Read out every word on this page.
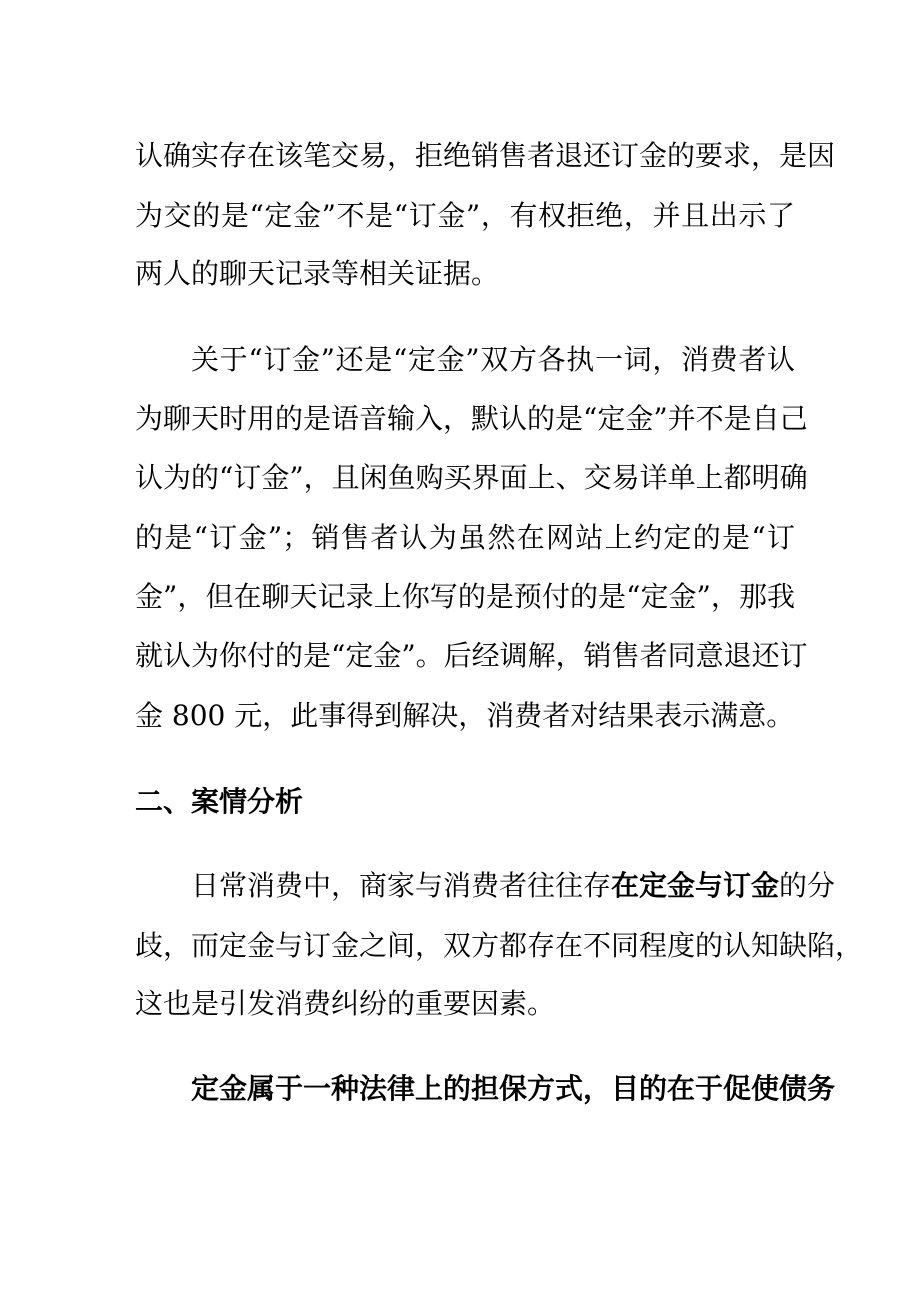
认确实存在该笔交易，拒绝销售者退还订金的要求，是因
为交的是“定金”不是“订金”，有权拒绝，并且出示了
两人的聊天记录等相关证据。
关于“订金”还是“定金”双方各执一词，消费者认
为聊天时用的是语音输入，默认的是“定金”并不是自己
认为的“订金”，且闲鱼购买界面上、交易详单上都明确
的是“订金”；销售者认为虽然在网站上约定的是“订
金”，但在聊天记录上你写的是预付的是“定金”，那我
就认为你付的是“定金”。后经调解，销售者同意退还订
金 800 元，此事得到解决，消费者对结果表示满意。
二、案情分析
日常消费中，商家与消费者往往存在定金与订金的分
歧，而定金与订金之间，双方都存在不同程度的认知缺陷，
这也是引发消费纠纷的重要因素。
定金属于一种法律上的担保方式，目的在于促使债务
